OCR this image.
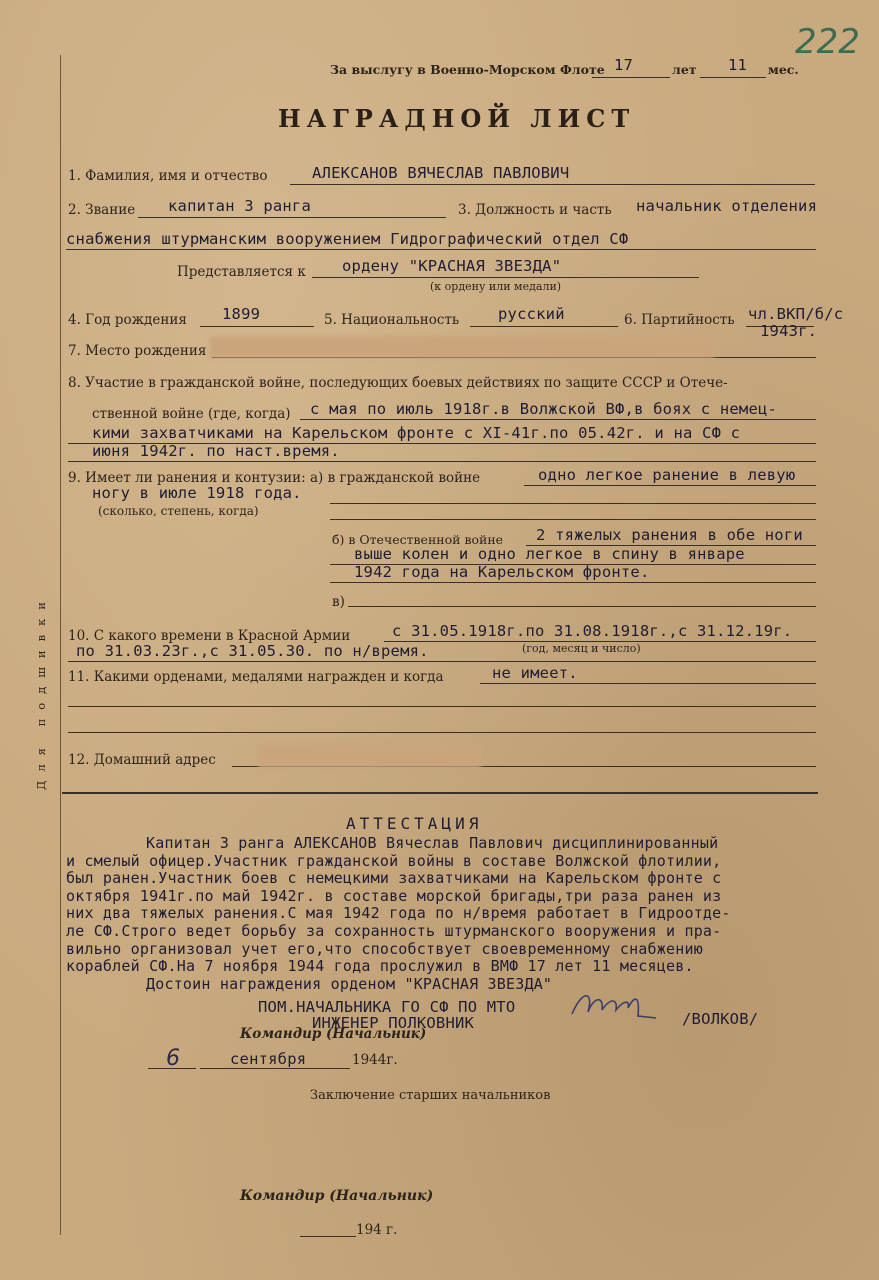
Для подшивки
222
За выслугу в Военно-Морском Флоте 17	лет 11 мес.
НАГРАДНОЙ ЛИСТ
1. Фамилия, имя и отчество	АЛЕКСАНОВ ВЯЧЕСЛАВ ПАВЛОВИЧ
2. Звание капитан 3 ранга	3. Должность и часть начальник отделения
снабжения штурманским вооружением Гидрографический отдел СФ
Представляется к ордену "КРАСНАЯ ЗВЕЗДА"
(к ордену или медали)
4. Год рождения 1899	5. Национальность русский	6. Партийность чл.ВКП/б/с
1943г.
7. Место рождения
8. Участие в гражданской войне, последующих боевых действиях по защите СССР и Отече-
ственной войне (где, когда) с мая по июль 1918г.в Волжской ВФ,в боях с немец-
кими захватчиками на Карельском фронте с XI-41г.по 05.42г. и на СФ с
июня 1942г. по наст.время.
9. Имеет ли ранения и контузии: а) в гражданской войне	одно легкое ранение в левую
ногу в июле 1918 года.
(сколько, степень, когда)
б) в Отечественной войне 2 тяжелых ранения в обе ноги
выше колен и одно легкое в спину в январе
1942 года на Карельском фронте.
в)
10. С какого времени в Красной Армии	с 31.05.1918г.по 31.08.1918г.,с 31.12.19г.
по 31.03.23г.,с 31.05.30. по н/время.	(год, месяц и число)
11. Какими орденами, медалями награжден и когда	не имеет.
12. Домашний адрес
АТТЕСТАЦИЯ
Капитан 3 ранга АЛЕКСАНОВ Вячеслав Павлович дисциплинированный
и смелый офицер.Участник гражданской войны в составе Волжской флотилии,
был ранен.Участник боев с немецкими захватчиками на Карельском фронте с
октября 1941г.по май 1942г. в составе морской бригады,три раза ранен из
них два тяжелых ранения.С мая 1942 года по н/время работает в Гидроотде-
ле СФ.Строго ведет борьбу за сохранность штурманского вооружения и пра-
вильно организовал учет его,что способствует своевременному снабжению
кораблей СФ.На 7 ноября 1944 года прослужил в ВМФ 17 лет 11 месяцев.
Достоин награждения орденом "КРАСНАЯ ЗВЕЗДА"
ПОМ.НАЧАЛЬНИКА ГО СФ ПО МТО
ИНЖЕНЕР ПОЛКОВНИК
Командир (Начальник)
/ВОЛКОВ/
6	сентября	1944г.
Заключение старших начальников
Командир (Начальник)
194 г.
